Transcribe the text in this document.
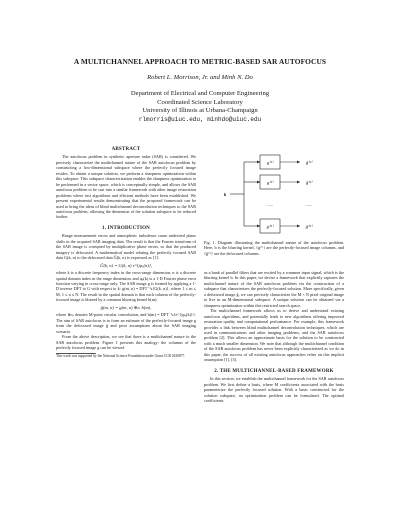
A MULTICHANNEL APPROACH TO METRIC-BASED SAR AUTOFOCUS
Robert L. Morrison, Jr. and Minh N. Do
Department of Electrical and Computer Engineering
Coordinated Science Laboratory
University of Illinois at Urbana-Champaign
rlmorris@uiuc.edu, minhdo@uiuc.edu
ABSTRACT

The autofocus problem in synthetic aperture radar (SAR) is considered. We precisely characterize the multichannel nature of the SAR autofocus problem by constructing a low-dimensional subspace where the perfectly focused image resides. To obtain a unique solution, we perform a sharpness optimization within this subspace. This subspace characterization enables the sharpness optimization to be performed in a vector space, which is conceptually simple, and allows the SAR autofocus problem to be cast into a similar framework with other image restoration problems where fast algorithms and efficient methods have been established. We present experimental results demonstrating that the proposed framework can be used to bring the ideas of blind multichannel deconvolution techniques to the SAR autofocus problem, allowing the dimension of the solution subspace to be reduced further.

1. INTRODUCTION

Range measurement errors and atmospheric turbulence cause undesired phase shifts in the acquired SAR imaging data. The result is that the Fourier transform of the SAR image is corrupted by multiplicative phase errors, so that the produced imagery is defocused. A mathematical model relating the perfectly focused SAR data G(k, n) to the defocused data G̃(k, n) is expressed as [1]:

G̃(k, n) = G(k, n) e^{jφₑ(n)},

where k is a discrete frequency index in the cross-range dimension, n is a discrete spatial domain index in the range dimension, and φₑ(k) is a 1-D Fourier phase error function varying in cross-range only. The SAR image g is formed by applying a 1-D inverse DFT to G with respect to k: g(m, n) = DFT⁻¹ₖ{G(k, n)}, where 1 ≤ m ≤ M, 1 ≤ n ≤ N. The result in the spatial domain is that each column of the perfectly-focused image is blurred by a common blurring kernel b(m):

g̃(m, n) = g(m, n) ⊛ₘ b(m),

where ⊛ₘ denotes M-point circular convolution, and b(m) = DFT⁻¹ₖ{e^{jφₑ(k)}}. The aim of SAR autofocus is to form an estimate of the perfectly-focused image g from the defocused image g̃ and prior assumptions about the SAR imaging scenario.

From the above description, we see that there is a multichannel nature to the SAR autofocus problem. Figure 1 presents this analogy: the columns of the perfectly focused image g can be viewed

This work was supported by the National Science Foundation under Grant CCR 0430877.

b
g⁽¹⁾
g⁽²⁾
......
g⁽ᴺ⁾
g̃⁽¹⁾
g̃⁽²⁾
......
g̃⁽ᴺ⁾

Fig. 1. Diagram illustrating the multichannel nature of the autofocus problem. Here, b is the blurring kernel, {g⁽ⁱ⁾} are the perfectly-focused image columns, and {g̃⁽ⁱ⁾} are the defocused columns.

as a bank of parallel filters that are excited by a common input signal, which is the blurring kernel b. In this paper, we devise a framework that explicitly captures the multichannel nature of the SAR autofocus problem via the construction of a subspace that characterizes the perfectly-focused solution. More specifically, given a defocused image g̃, we can precisely characterize the M × N pixel original image to live in an M-dimensional subspace. A unique solution can be obtained via a sharpness optimization within this restricted search space.

The multichannel framework allows us to derive and understand existing autofocus algorithms, and potentially leads to new algorithms offering improved restoration quality and computational performance. For example, this framework provides a link between blind multichannel deconvolution techniques, which are used in communications and other imaging problems, and the SAR autofocus problem [2]. This allows an approximate basis for the solution to be constructed with a much smaller dimension. We note that although the multichannel condition of the SAR autofocus problem has never been explicitly characterized as we do in this paper, the success of all existing autofocus approaches relies on this implicit assumption [1], [3].

2. THE MULTICHANNEL-BASED FRAMEWORK

In this section, we establish the multichannel framework for the SAR autofocus problem. We first define a basis, where M coefficients associated with the basis parameterize the perfectly focused solution. With a basis constructed for the solution subspace, an optimization problem can be formulated. The optimal coefficients
